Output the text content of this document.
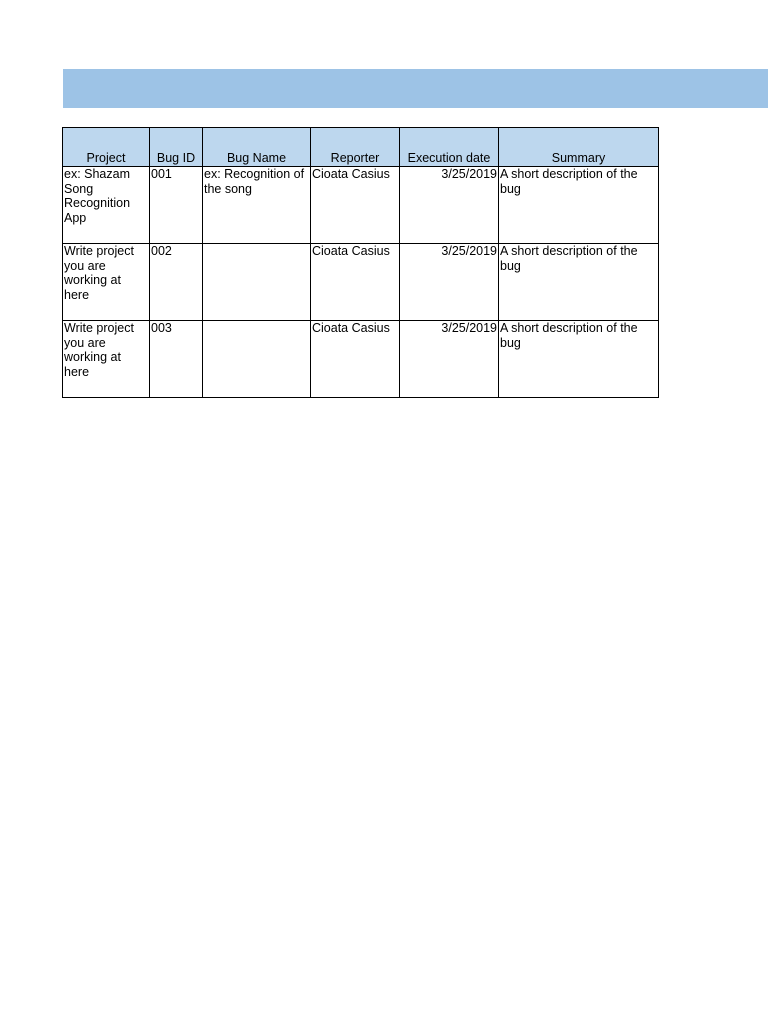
Project	Bug ID	Bug Name	Reporter	Execution date	Summary
ex: Shazam Song Recognition App	001	ex: Recognition of the song	Cioata Casius	3/25/2019	A short description of the bug
Write project you are working at here	002		Cioata Casius	3/25/2019	A short description of the bug
Write project you are working at here	003		Cioata Casius	3/25/2019	A short description of the bug
